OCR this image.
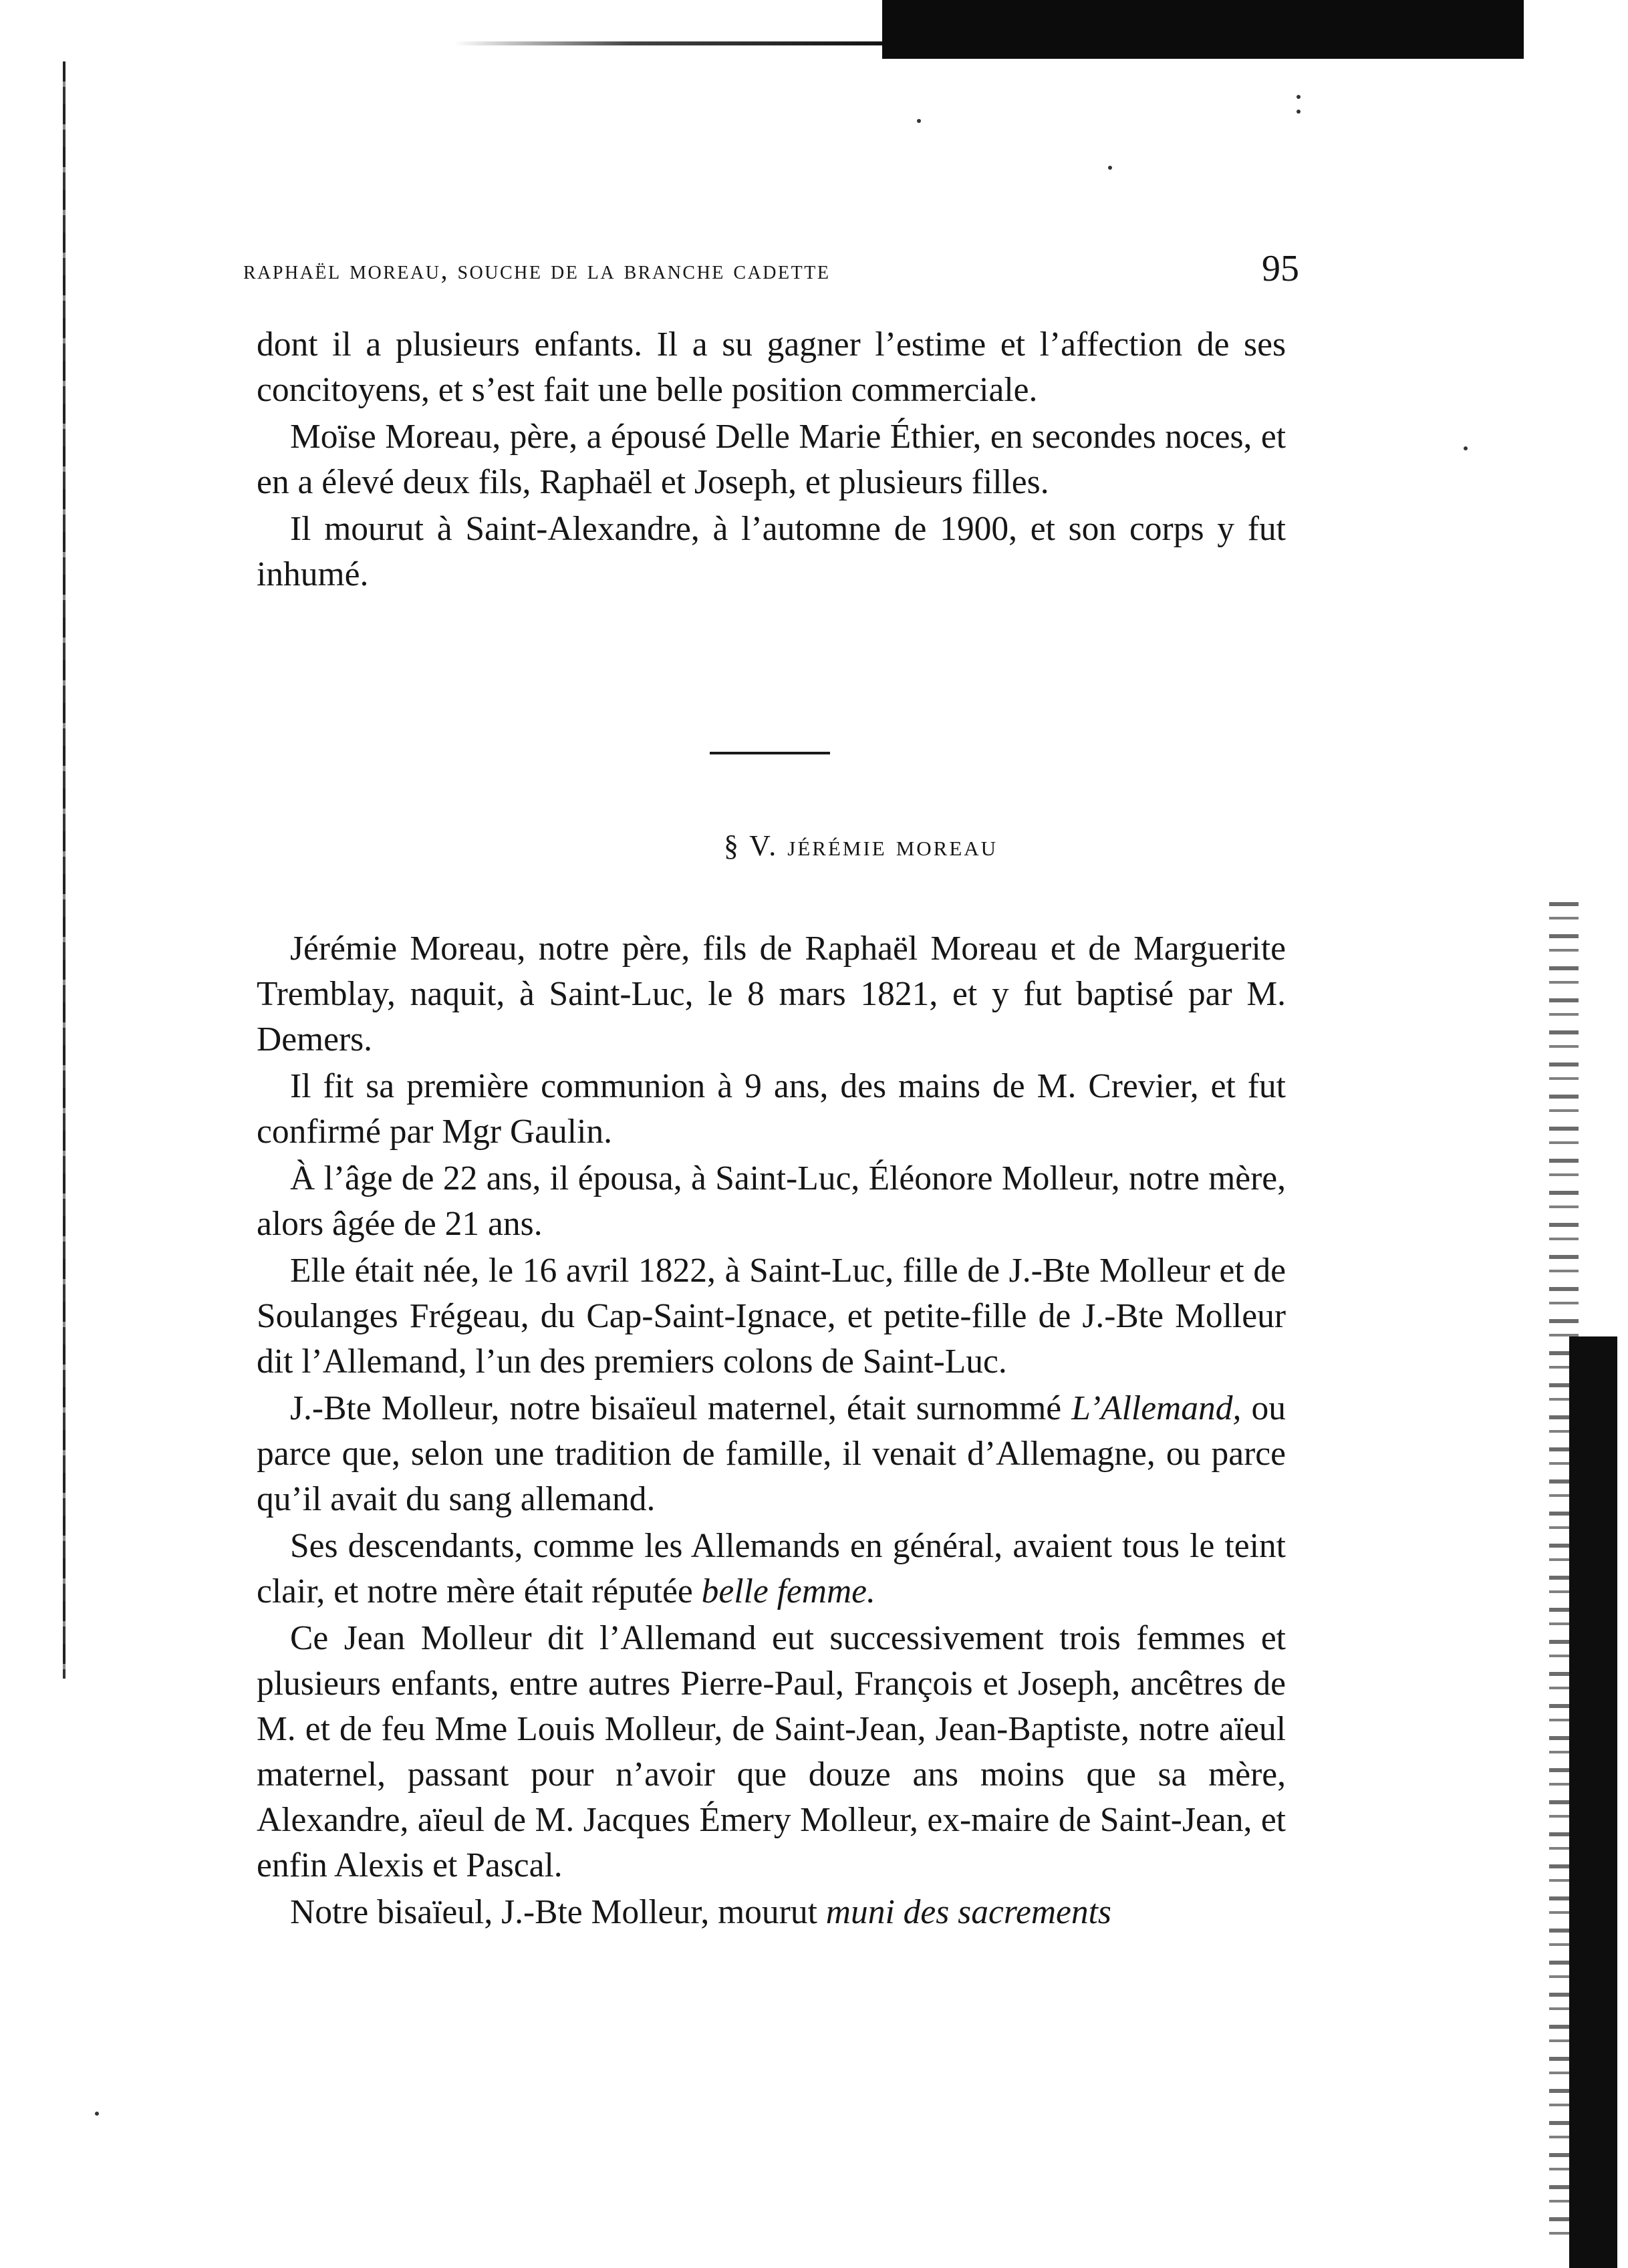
raphaël moreau, souche de la branche cadette	95

dont il a plusieurs enfants. Il a su gagner l’estime et l’affection de ses concitoyens, et s’est fait une belle position commerciale.

Moïse Moreau, père, a épousé Delle Marie Éthier, en secondes noces, et en a élevé deux fils, Raphaël et Joseph, et plusieurs filles.

Il mourut à Saint-Alexandre, à l’automne de 1900, et son corps y fut inhumé.

§ V. jérémie moreau

Jérémie Moreau, notre père, fils de Raphaël Moreau et de Marguerite Tremblay, naquit, à Saint-Luc, le 8 mars 1821, et y fut baptisé par M. Demers.

Il fit sa première communion à 9 ans, des mains de M. Crevier, et fut confirmé par Mgr Gaulin.

À l’âge de 22 ans, il épousa, à Saint-Luc, Éléonore Molleur, notre mère, alors âgée de 21 ans.

Elle était née, le 16 avril 1822, à Saint-Luc, fille de J.-Bte Molleur et de Soulanges Frégeau, du Cap-Saint-Ignace, et petite-fille de J.-Bte Molleur dit l’Allemand, l’un des premiers colons de Saint-Luc.

J.-Bte Molleur, notre bisaïeul maternel, était surnommé L’Allemand, ou parce que, selon une tradition de famille, il venait d’Allemagne, ou parce qu’il avait du sang allemand.

Ses descendants, comme les Allemands en général, avaient tous le teint clair, et notre mère était réputée belle femme.

Ce Jean Molleur dit l’Allemand eut successivement trois femmes et plusieurs enfants, entre autres Pierre-Paul, François et Joseph, ancêtres de M. et de feu Mme Louis Molleur, de Saint-Jean, Jean-Baptiste, notre aïeul maternel, passant pour n’avoir que douze ans moins que sa mère, Alexandre, aïeul de M. Jacques Émery Molleur, ex-maire de Saint-Jean, et enfin Alexis et Pascal.

Notre bisaïeul, J.-Bte Molleur, mourut muni des sacrements
